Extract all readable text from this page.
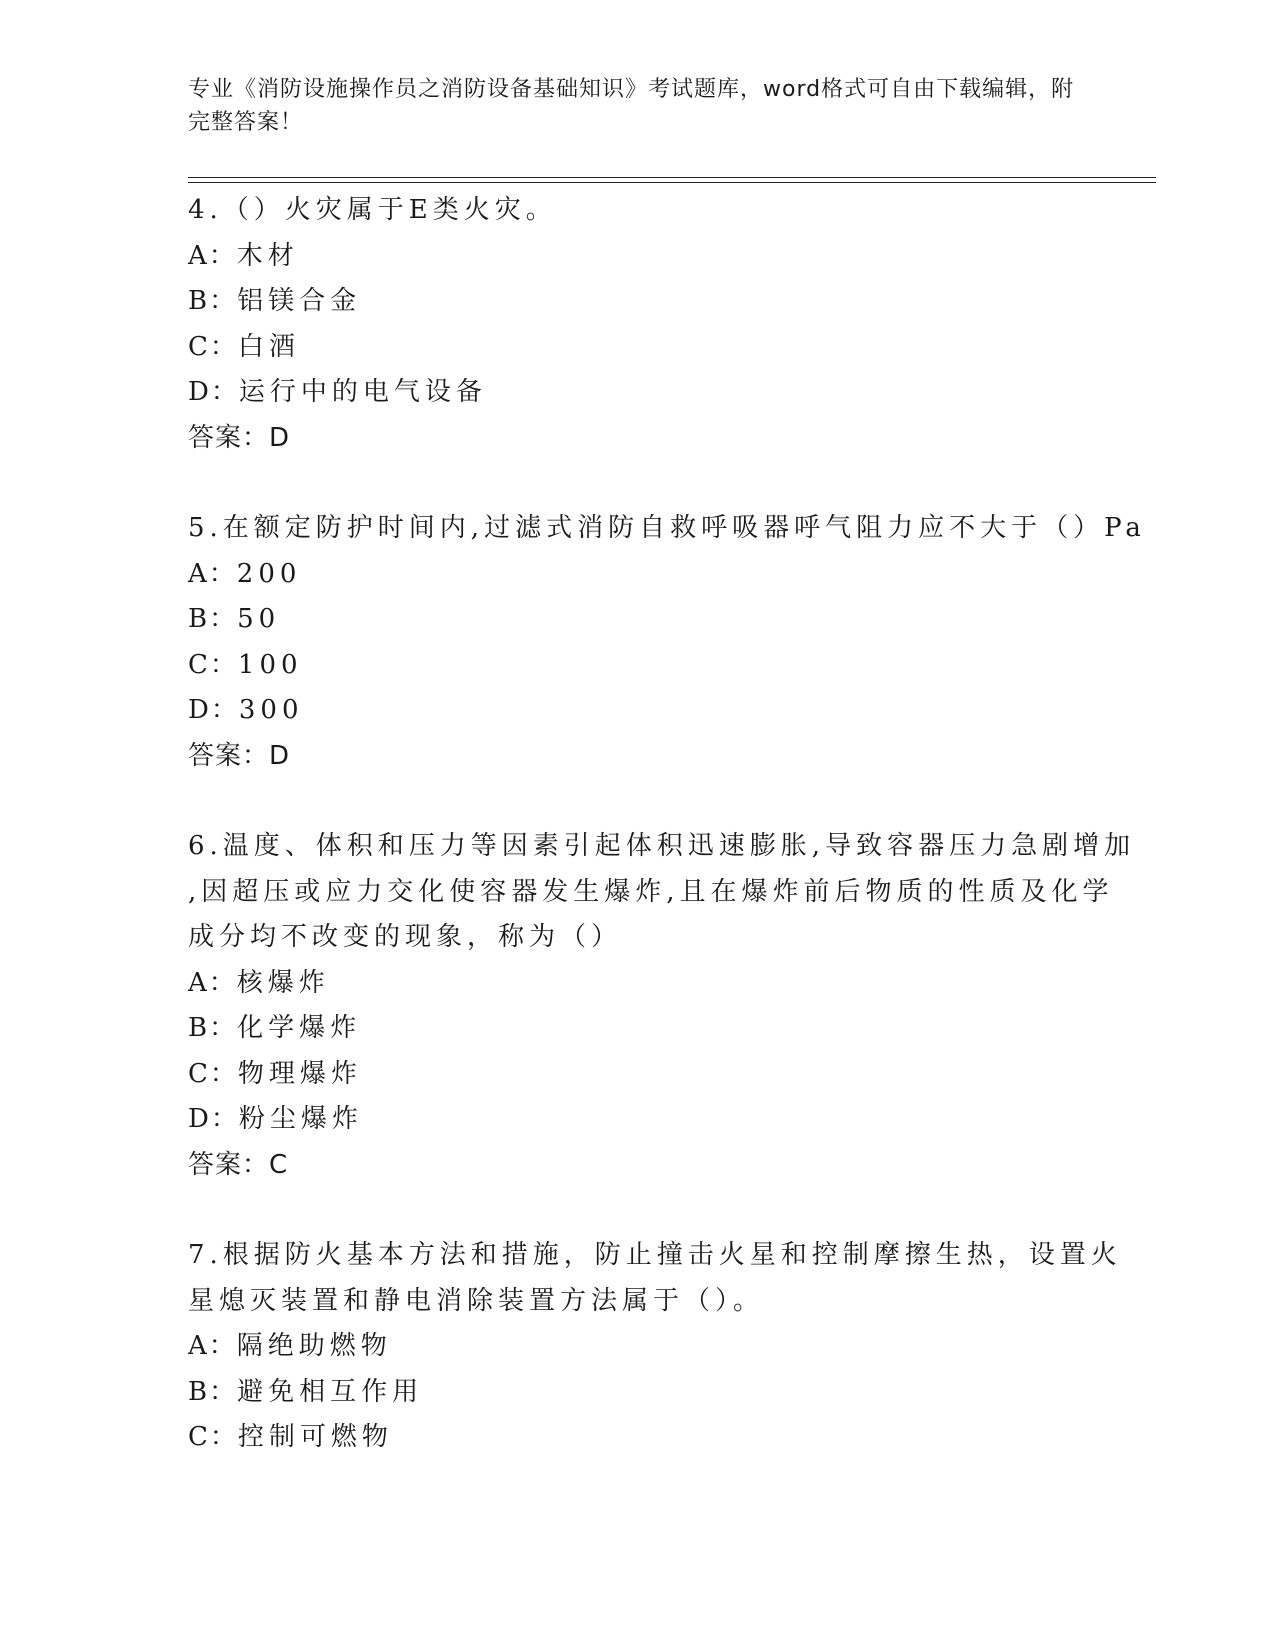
专业《消防设施操作员之消防设备基础知识》考试题库，word格式可自由下载编辑，附完整答案！
4.（）火灾属于E类火灾。
A：木材
B：铝镁合金
C：白酒
D：运行中的电气设备
答案：D
5.在额定防护时间内,过滤式消防自救呼吸器呼气阻力应不大于（）Pa
A：200
B：50
C：100
D：300
答案：D
6.温度、体积和压力等因素引起体积迅速膨胀,导致容器压力急剧增加
,因超压或应力交化使容器发生爆炸,且在爆炸前后物质的性质及化学
成分均不改变的现象，称为（）
A：核爆炸
B：化学爆炸
C：物理爆炸
D：粉尘爆炸
答案：C
7.根据防火基本方法和措施，防止撞击火星和控制摩擦生热，设置火
星熄灭装置和静电消除装置方法属于（）。
A：隔绝助燃物
B：避免相互作用
C：控制可燃物
